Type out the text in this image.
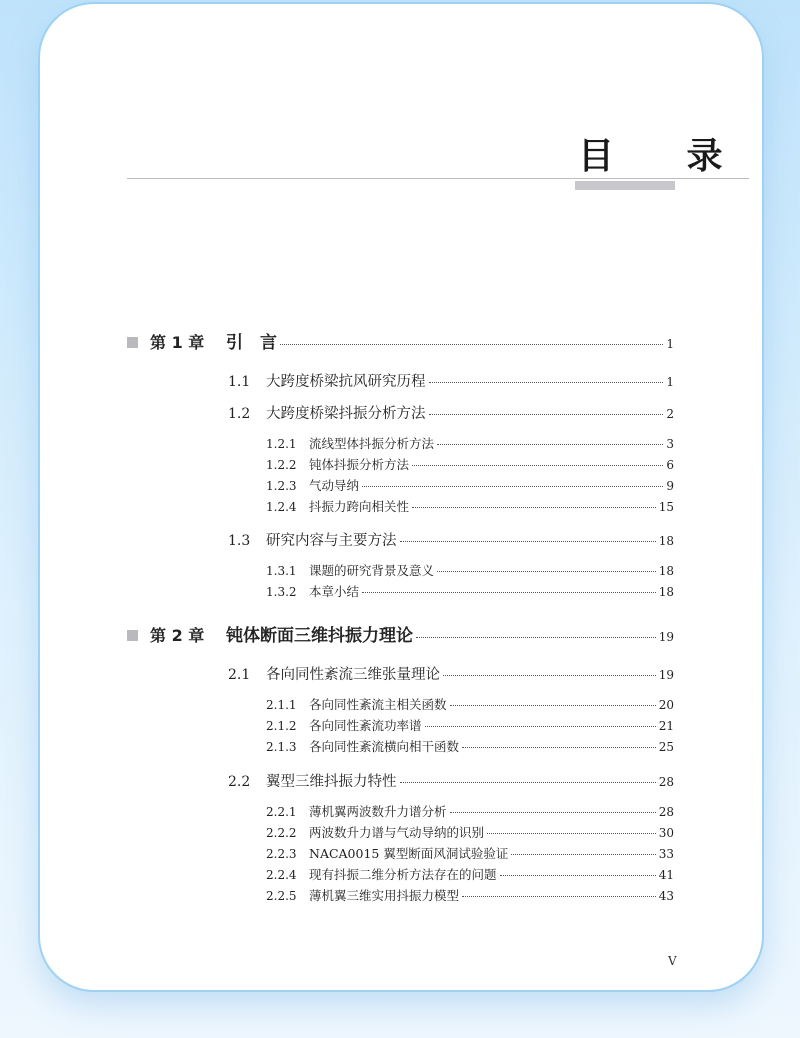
目 录
第 1 章	引　言	1
1.1	大跨度桥梁抗风研究历程	1
1.2	大跨度桥梁抖振分析方法	2
1.2.1 流线型体抖振分析方法	3
1.2.2 钝体抖振分析方法	6
1.2.3 气动导纳	9
1.2.4 抖振力跨向相关性	15
1.3	研究内容与主要方法	18
1.3.1 课题的研究背景及意义	18
1.3.2 本章小结	18
第 2 章	钝体断面三维抖振力理论	19
2.1	各向同性紊流三维张量理论	19
2.1.1 各向同性紊流主相关函数	20
2.1.2 各向同性紊流功率谱	21
2.1.3 各向同性紊流横向相干函数	25
2.2	翼型三维抖振力特性	28
2.2.1 薄机翼两波数升力谱分析	28
2.2.2 两波数升力谱与气动导纳的识别	30
2.2.3 NACA0015 翼型断面风洞试验验证	33
2.2.4 现有抖振二维分析方法存在的问题	41
2.2.5 薄机翼三维实用抖振力模型	43
V
